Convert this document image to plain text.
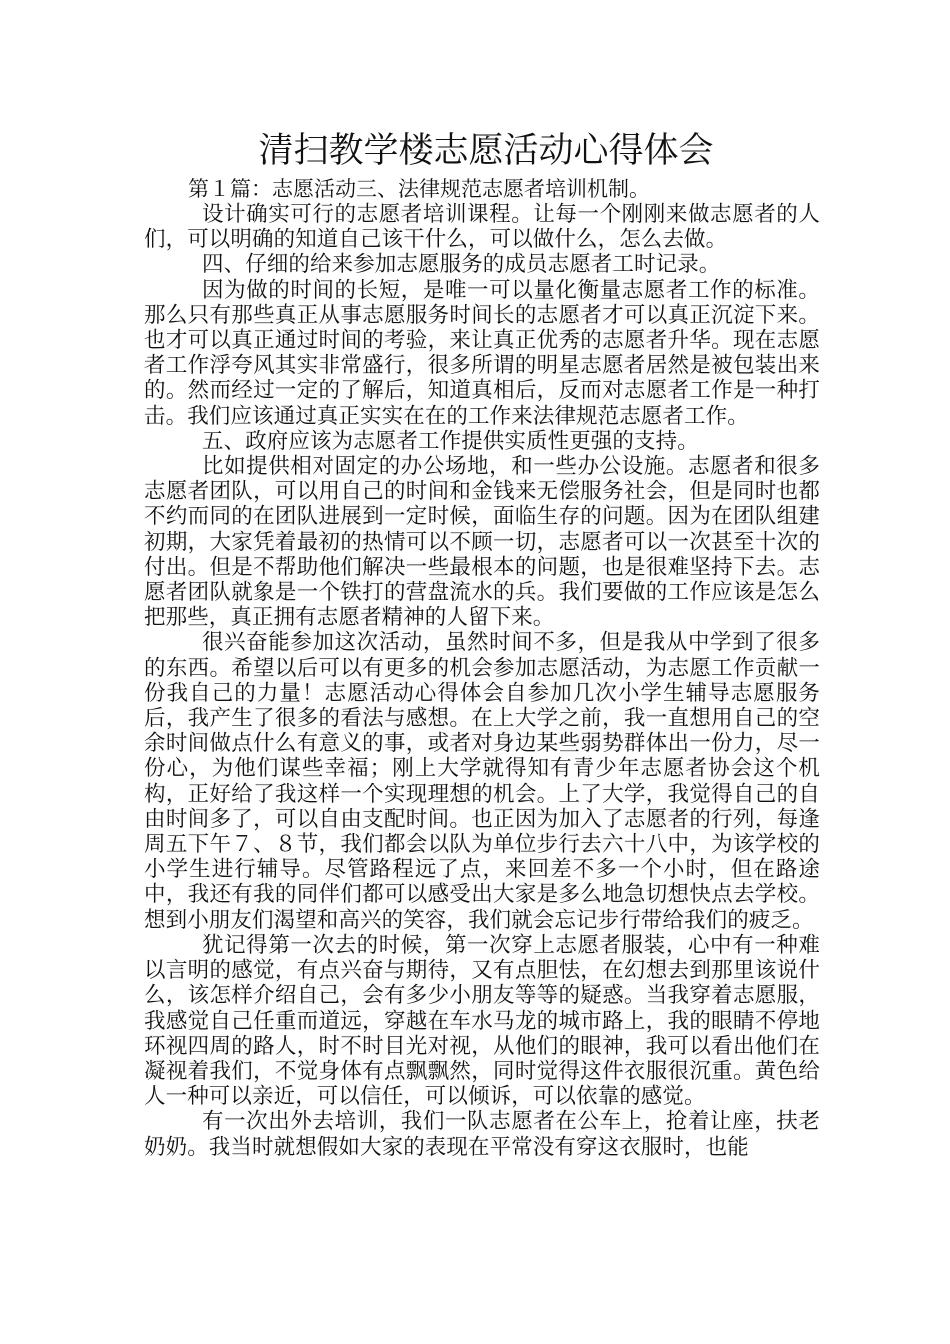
清扫教学楼志愿活动心得体会

第１篇：志愿活动三、法律规范志愿者培训机制。

设计确实可行的志愿者培训课程。让每一个刚刚来做志愿者的人们，可以明确的知道自己该干什么，可以做什么，怎么去做。

四、仔细的给来参加志愿服务的成员志愿者工时记录。

因为做的时间的长短，是唯一可以量化衡量志愿者工作的标准。那么只有那些真正从事志愿服务时间长的志愿者才可以真正沉淀下来。也才可以真正通过时间的考验，来让真正优秀的志愿者升华。现在志愿者工作浮夸风其实非常盛行，很多所谓的明星志愿者居然是被包装出来的。然而经过一定的了解后，知道真相后，反而对志愿者工作是一种打击。我们应该通过真正实实在在的工作来法律规范志愿者工作。

五、政府应该为志愿者工作提供实质性更强的支持。

比如提供相对固定的办公场地，和一些办公设施。志愿者和很多志愿者团队，可以用自己的时间和金钱来无偿服务社会，但是同时也都不约而同的在团队进展到一定时候，面临生存的问题。因为在团队组建初期，大家凭着最初的热情可以不顾一切，志愿者可以一次甚至十次的付出。但是不帮助他们解决一些最根本的问题，也是很难坚持下去。志愿者团队就象是一个铁打的营盘流水的兵。我们要做的工作应该是怎么把那些，真正拥有志愿者精神的人留下来。

很兴奋能参加这次活动，虽然时间不多，但是我从中学到了很多的东西。希望以后可以有更多的机会参加志愿活动，为志愿工作贡献一份我自己的力量！志愿活动心得体会自参加几次小学生辅导志愿服务后，我产生了很多的看法与感想。在上大学之前，我一直想用自己的空余时间做点什么有意义的事，或者对身边某些弱势群体出一份力，尽一份心，为他们谋些幸福；刚上大学就得知有青少年志愿者协会这个机构，正好给了我这样一个实现理想的机会。上了大学，我觉得自己的自由时间多了，可以自由支配时间。也正因为加入了志愿者的行列，每逢周五下午７、８节，我们都会以队为单位步行去六十八中，为该学校的小学生进行辅导。尽管路程远了点，来回差不多一个小时，但在路途中，我还有我的同伴们都可以感受出大家是多么地急切想快点去学校。想到小朋友们渴望和高兴的笑容，我们就会忘记步行带给我们的疲乏。

犹记得第一次去的时候，第一次穿上志愿者服装，心中有一种难以言明的感觉，有点兴奋与期待，又有点胆怯，在幻想去到那里该说什么，该怎样介绍自己，会有多少小朋友等等的疑惑。当我穿着志愿服，我感觉自己任重而道远，穿越在车水马龙的城市路上，我的眼睛不停地环视四周的路人，时不时目光对视，从他们的眼神，我可以看出他们在凝视着我们，不觉身体有点飘飘然，同时觉得这件衣服很沉重。黄色给人一种可以亲近，可以信任，可以倾诉，可以依靠的感觉。

有一次出外去培训，我们一队志愿者在公车上，抢着让座，扶老奶奶。我当时就想假如大家的表现在平常没有穿这衣服时，也能
